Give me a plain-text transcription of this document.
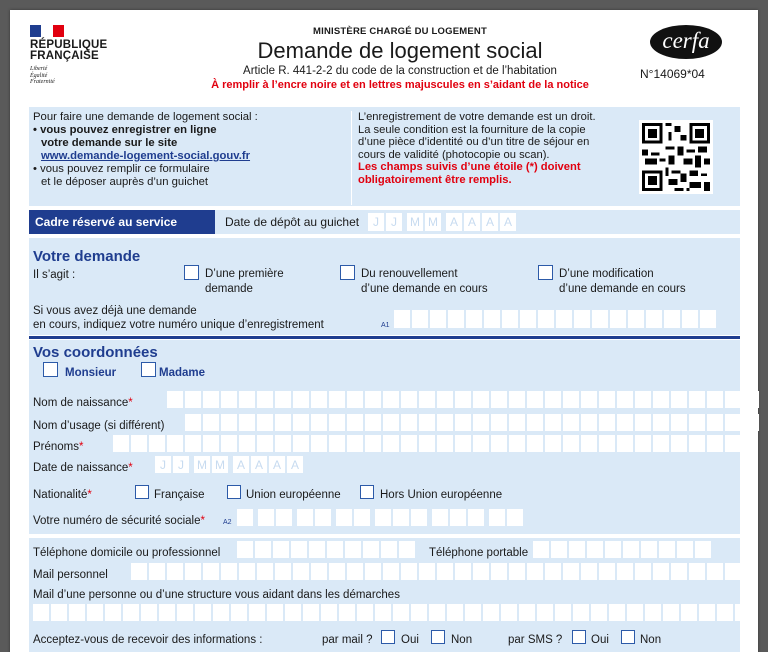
RÉPUBLIQUE
FRANÇAISE
Liberté
Égalité
Fraternité
MINISTÈRE CHARGÉ DU LOGEMENT
Demande de logement social
Article R. 441-2-2 du code de la construction et de l’habitation
À remplir à l’encre noire et en lettres majuscules en s’aidant de la notice
cerfa
N°14069*04
Pour faire une demande de logement social :
• vous pouvez enregistrer en ligne
votre demande sur le site
www.demande-logement-social.gouv.fr
• vous pouvez remplir ce formulaire
et le déposer auprès d’un guichet
L’enregistrement de votre demande est un droit.
La seule condition est la fourniture de la copie
d’une pièce d’identité ou d’un titre de séjour en
cours de validité (photocopie ou scan).
Les champs suivis d’une étoile (*) doivent
obligatoirement être remplis.
Cadre réservé au service	Date de dépôt au guichet	J	J	M M A A A A
Votre demande
Il s’agit :	D’une première
demande
Du renouvellement
d’une demande en cours
D’une modification
d’une demande en cours
Si vous avez déjà une demande
en cours, indiquez votre numéro unique d’enregistrement	A1
Vos coordonnées
Monsieur	Madame
Nom de naissance*
Nom d’usage (si différent)
Prénoms*
Date de naissance*	J	J	M M A A A A
Nationalité*	Française	Union européenne	Hors Union européenne
Votre numéro de sécurité sociale*	A2
Téléphone domicile ou professionnel	Téléphone portable
Mail personnel
Mail d’une personne ou d’une structure vous aidant dans les démarches
Acceptez-vous de recevoir des informations :	par mail ? Oui	Non	par SMS ? Oui	Non
